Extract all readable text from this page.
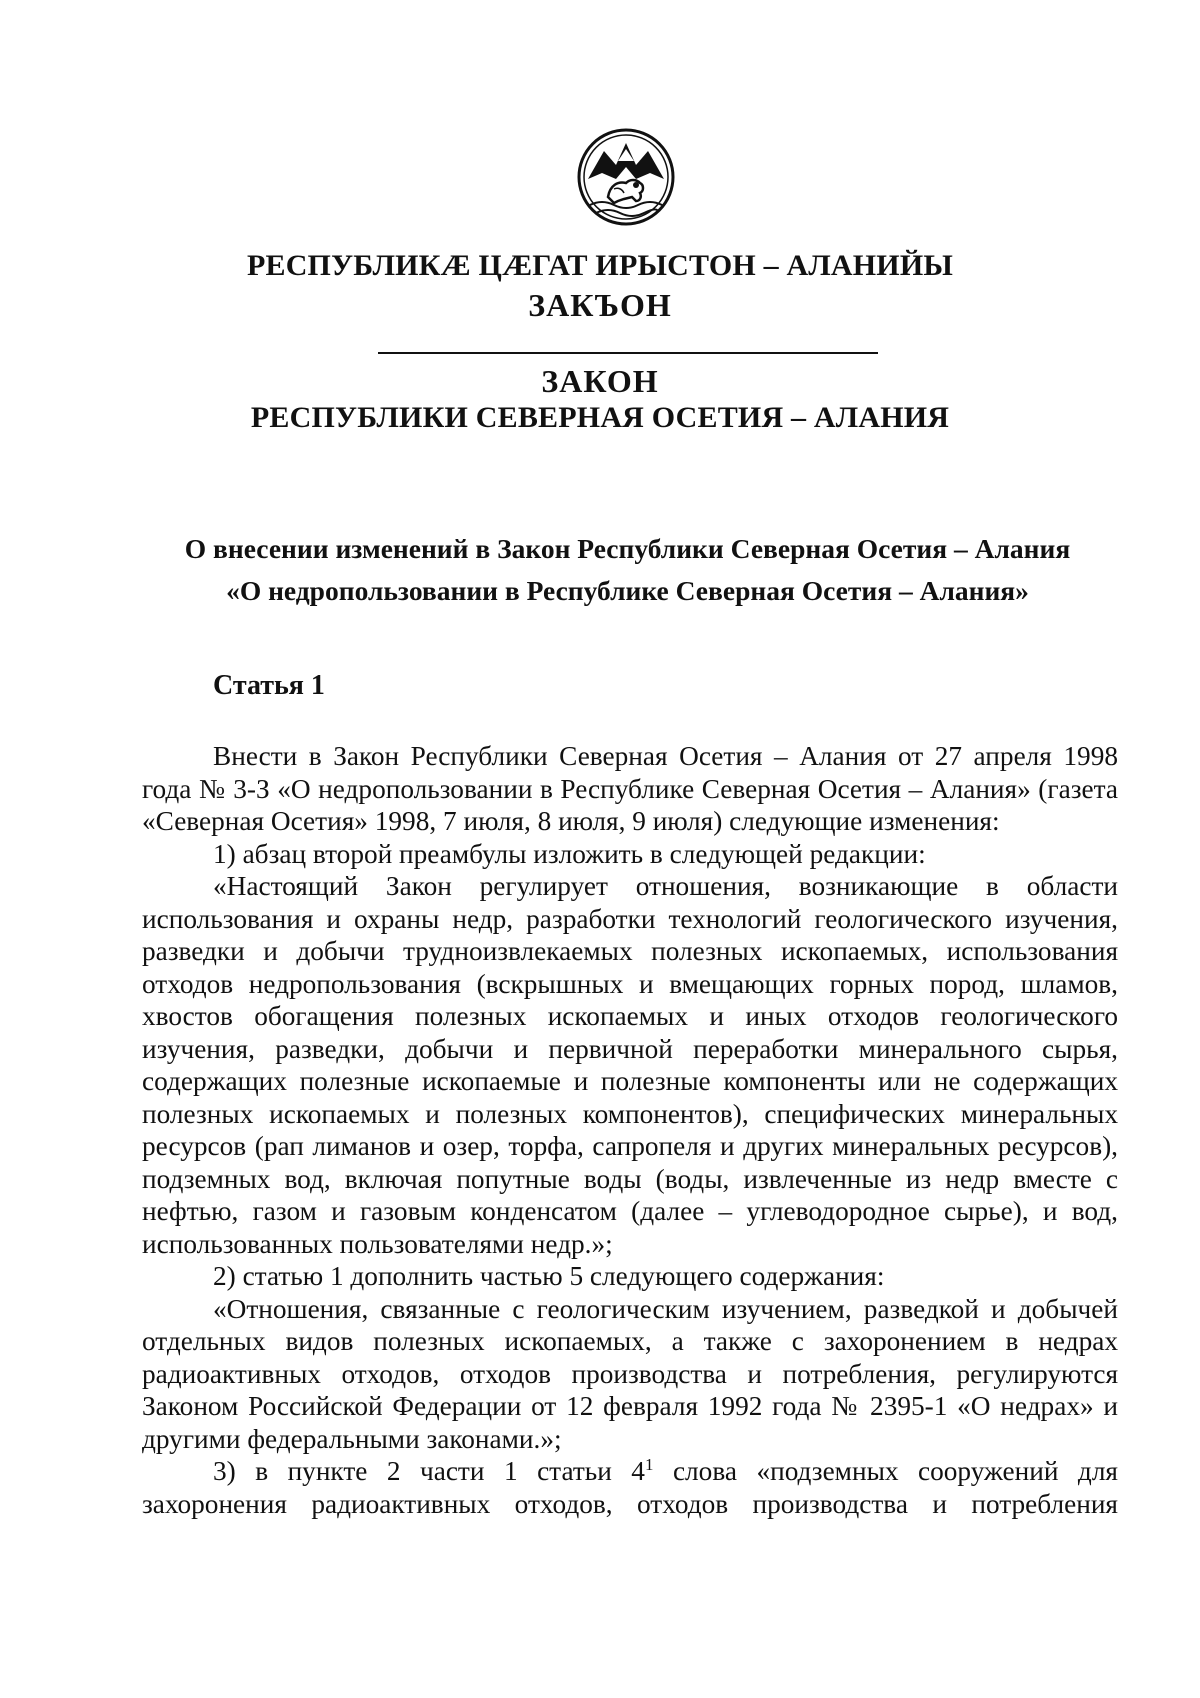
РЕСПУБЛИКÆ ЦÆГАТ ИРЫСТОН – АЛАНИЙЫ
ЗАКЪОН
ЗАКОН
РЕСПУБЛИКИ СЕВЕРНАЯ ОСЕТИЯ – АЛАНИЯ
О внесении изменений в Закон Республики Северная Осетия – Алания
«О недропользовании в Республике Северная Осетия – Алания»
Статья 1

Внести в Закон Республики Северная Осетия – Алания от 27 апреля 1998 года № 3-З «О недропользовании в Республике Северная Осетия – Алания» (газета «Северная Осетия» 1998, 7 июля, 8 июля, 9 июля) следующие изменения:

1) абзац второй преамбулы изложить в следующей редакции:

«Настоящий Закон регулирует отношения, возникающие в области использования и охраны недр, разработки технологий геологического изучения, разведки и добычи трудноизвлекаемых полезных ископаемых, использования отходов недропользования (вскрышных и вмещающих горных пород, шламов, хвостов обогащения полезных ископаемых и иных отходов геологического изучения, разведки, добычи и первичной переработки минерального сырья, содержащих полезные ископаемые и полезные компоненты или не содержащих полезных ископаемых и полезных компонентов), специфических минеральных ресурсов (рап лиманов и озер, торфа, сапропеля и других минеральных ресурсов), подземных вод, включая попутные воды (воды, извлеченные из недр вместе с нефтью, газом и газовым конденсатом (далее – углеводородное сырье), и вод, использованных пользователями недр.»;

2) статью 1 дополнить частью 5 следующего содержания:

«Отношения, связанные с геологическим изучением, разведкой и добычей отдельных видов полезных ископаемых, а также с захоронением в недрах радиоактивных отходов, отходов производства и потребления, регулируются Законом Российской Федерации от 12 февраля 1992 года № 2395-1 «О недрах» и другими федеральными законами.»;

3) в пункте 2 части 1 статьи $4^1$ слова «подземных сооружений для захоронения радиоактивных отходов, отходов производства и потребления
